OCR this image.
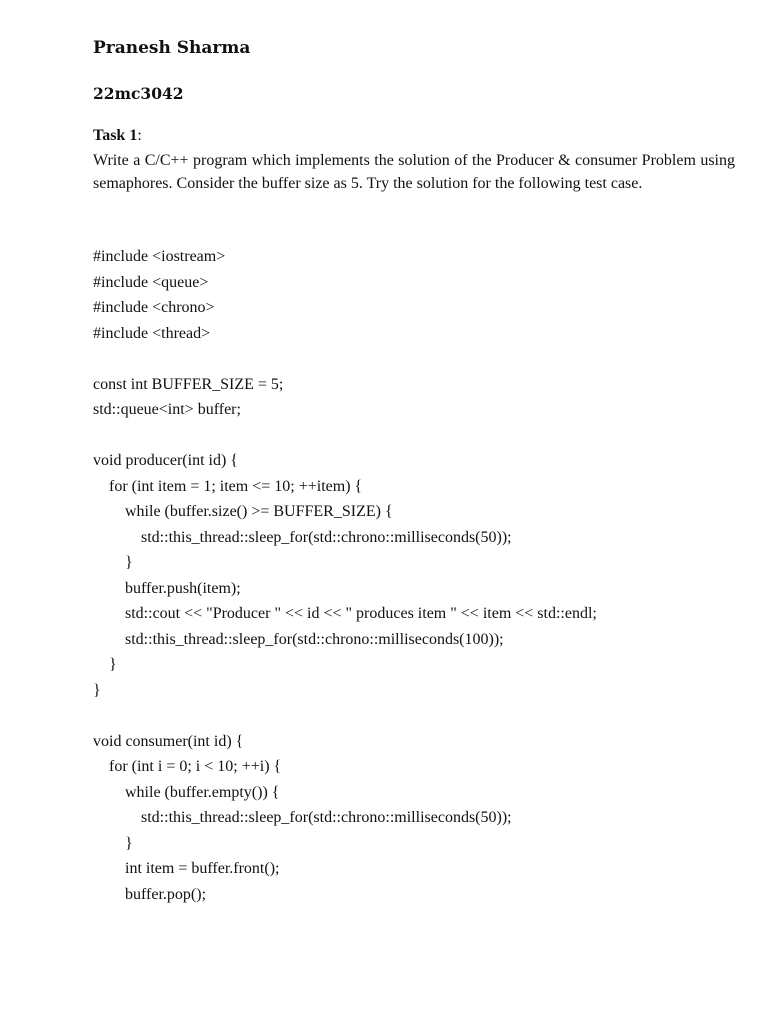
Pranesh Sharma
22mc3042
Task 1:

Write a C/C++ program which implements the solution of the Producer & consumer Problem using semaphores. Consider the buffer size as 5. Try the solution for the following test case.

#include <iostream>
#include <queue>
#include <chrono>
#include <thread>
const int BUFFER_SIZE = 5;
std::queue<int> buffer;
void producer(int id) {
for (int item = 1; item <= 10; ++item) {
while (buffer.size() >= BUFFER_SIZE) {
std::this_thread::sleep_for(std::chrono::milliseconds(50));
}
buffer.push(item);
std::cout << "Producer " << id << " produces item " << item << std::endl;
std::this_thread::sleep_for(std::chrono::milliseconds(100));
}
}
void consumer(int id) {
for (int i = 0; i < 10; ++i) {
while (buffer.empty()) {
std::this_thread::sleep_for(std::chrono::milliseconds(50));
}
int item = buffer.front();
buffer.pop();
